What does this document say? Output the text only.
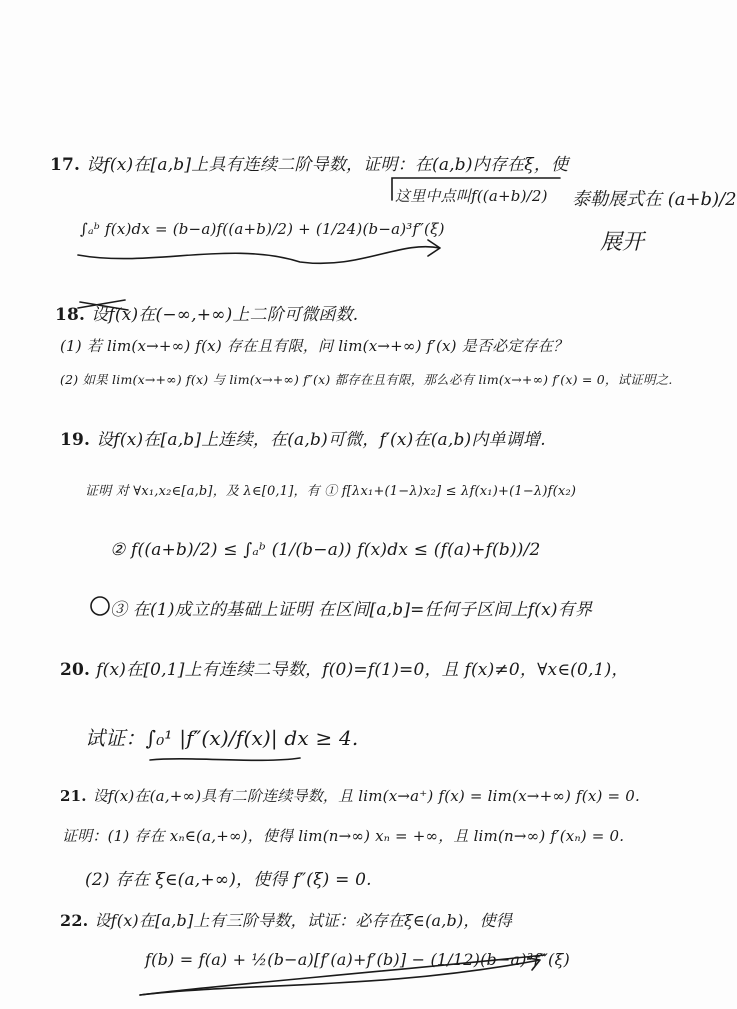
17. 设f(x)在[a,b]上具有连续二阶导数，证明：在(a,b)内存在ξ，使
∫ₐᵇ f(x)dx = (b−a)f((a+b)/2) + (1/24)(b−a)³f″(ξ)
这里中点叫f((a+b)/2) 泰勒展式在 (a+b)/2
展开
18. 设f(x)在(−∞,+∞)上二阶可微函数.
(1) 若 lim(x→+∞) f(x) 存在且有限，问 lim(x→+∞) f′(x) 是否必定存在？
(2) 如果 lim(x→+∞) f(x) 与 lim(x→+∞) f″(x) 都存在且有限，那么必有 lim(x→+∞) f′(x) = 0，试证明之.
19. 设f(x)在[a,b]上连续，在(a,b)可微，f′(x)在(a,b)内单调增.
证明 对 ∀x₁,x₂∈[a,b]，及 λ∈[0,1]，有 ① f[λx₁+(1−λ)x₂] ≤ λf(x₁)+(1−λ)f(x₂)
② f((a+b)/2) ≤ ∫ₐᵇ (1/(b−a)) f(x)dx ≤ (f(a)+f(b))/2
③ 在(1)成立的基础上证明 在区间[a,b]=任何子区间上f(x)有界
20. f(x)在[0,1]上有连续二导数，f(0)=f(1)=0，且 f(x)≠0，∀x∈(0,1)，
试证：∫₀¹ |f″(x)/f(x)| dx ≥ 4.
21. 设f(x)在(a,+∞)具有二阶连续导数，且 lim(x→a⁺) f(x) = lim(x→+∞) f(x) = 0.
证明：(1) 存在 xₙ∈(a,+∞)，使得 lim(n→∞) xₙ = +∞，且 lim(n→∞) f′(xₙ) = 0.
(2) 存在 ξ∈(a,+∞)，使得 f″(ξ) = 0.
22. 设f(x)在[a,b]上有三阶导数，试证：必存在ξ∈(a,b)，使得
f(b) = f(a) + ½(b−a)[f′(a)+f′(b)] − (1/12)(b−a)³f‴(ξ)
